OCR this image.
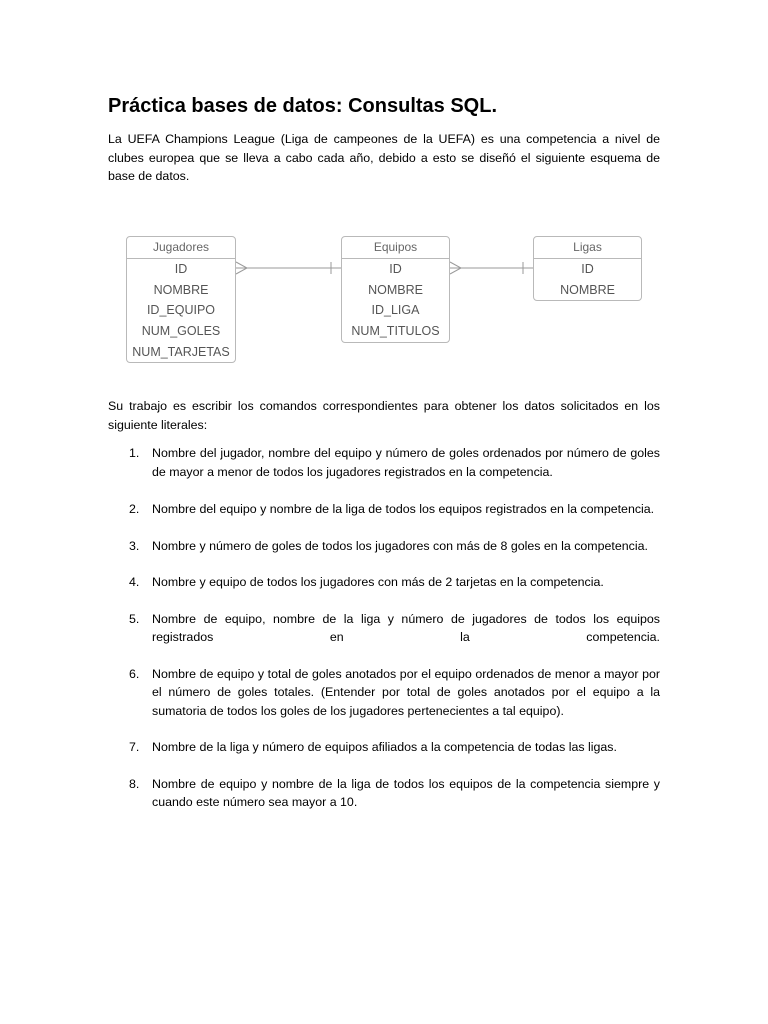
Práctica bases de datos: Consultas SQL.

La UEFA Champions League (Liga de campeones de la UEFA) es una competencia a nivel de clubes europea que se lleva a cabo cada año, debido a esto se diseñó el siguiente esquema de base de datos.

Jugadores
ID
NOMBRE
ID_EQUIPO
NUM_GOLES
NUM_TARJETAS
Equipos
ID
NOMBRE
ID_LIGA
NUM_TITULOS
Ligas
ID
NOMBRE

Su trabajo es escribir los comandos correspondientes para obtener los datos solicitados en los siguiente literales:

1. Nombre del jugador, nombre del equipo y número de goles ordenados por número de goles de mayor a menor de todos los jugadores registrados en la competencia.
2. Nombre del equipo y nombre de la liga de todos los equipos registrados en la competencia.
3. Nombre y número de goles de todos los jugadores con más de 8 goles en la competencia.
4. Nombre y equipo de todos los jugadores con más de 2 tarjetas en la competencia.
5. Nombre de equipo, nombre de la liga y número de jugadores de todos los equipos registrados en la competencia.
6. Nombre de equipo y total de goles anotados por el equipo ordenados de menor a mayor por el número de goles totales. (Entender por total de goles anotados por el equipo a la sumatoria de todos los goles de los jugadores pertenecientes a tal equipo).
7. Nombre de la liga y número de equipos afiliados a la competencia de todas las ligas.
8. Nombre de equipo y nombre de la liga de todos los equipos de la competencia siempre y cuando este número sea mayor a 10.
